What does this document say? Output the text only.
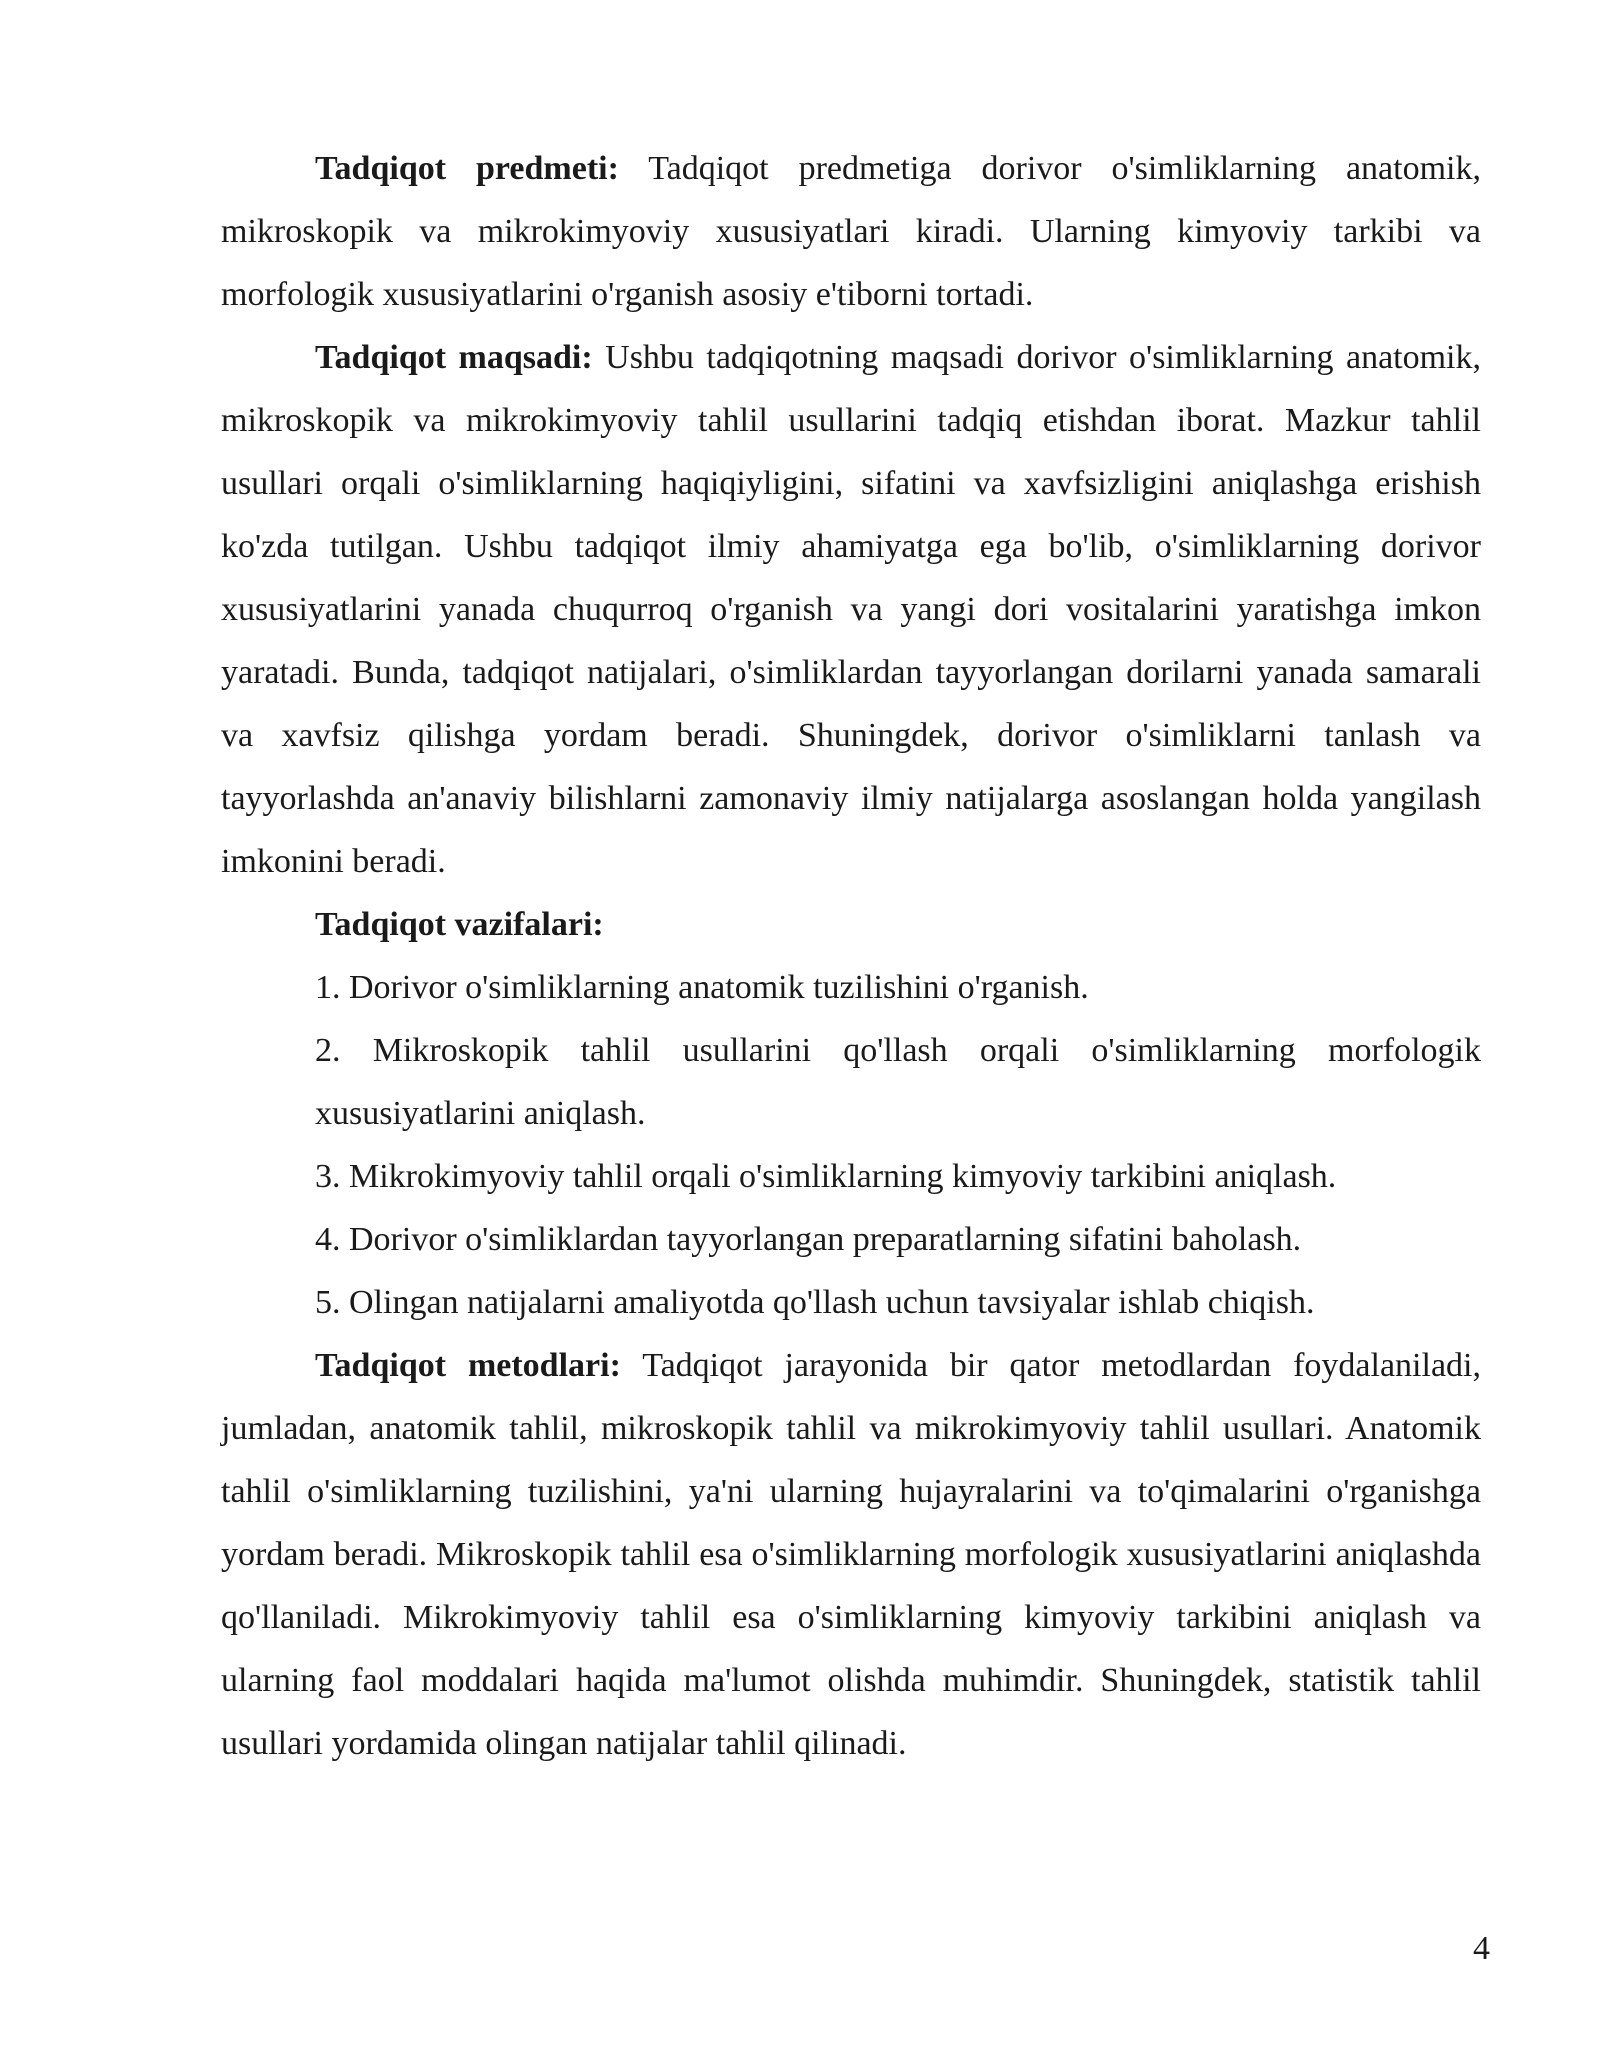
Tadqiqot predmeti: Tadqiqot predmetiga dorivor o'simliklarning anatomik, mikroskopik va mikrokimyoviy xususiyatlari kiradi. Ularning kimyoviy tarkibi va morfologik xususiyatlarini o'rganish asosiy e'tiborni tortadi.

Tadqiqot maqsadi: Ushbu tadqiqotning maqsadi dorivor o'simliklarning anatomik, mikroskopik va mikrokimyoviy tahlil usullarini tadqiq etishdan iborat. Mazkur tahlil usullari orqali o'simliklarning haqiqiyligini, sifatini va xavfsizligini aniqlashga erishish ko'zda tutilgan. Ushbu tadqiqot ilmiy ahamiyatga ega bo'lib, o'simliklarning dorivor xususiyatlarini yanada chuqurroq o'rganish va yangi dori vositalarini yaratishga imkon yaratadi. Bunda, tadqiqot natijalari, o'simliklardan tayyorlangan dorilarni yanada samarali va xavfsiz qilishga yordam beradi. Shuningdek, dorivor o'simliklarni tanlash va tayyorlashda an'anaviy bilishlarni zamonaviy ilmiy natijalarga asoslangan holda yangilash imkonini beradi.

Tadqiqot vazifalari:

1. Dorivor o'simliklarning anatomik tuzilishini o'rganish.

2. Mikroskopik tahlil usullarini qo'llash orqali o'simliklarning morfologik xususiyatlarini aniqlash.

3. Mikrokimyoviy tahlil orqali o'simliklarning kimyoviy tarkibini aniqlash.

4. Dorivor o'simliklardan tayyorlangan preparatlarning sifatini baholash.

5. Olingan natijalarni amaliyotda qo'llash uchun tavsiyalar ishlab chiqish.

Tadqiqot metodlari: Tadqiqot jarayonida bir qator metodlardan foydalaniladi, jumladan, anatomik tahlil, mikroskopik tahlil va mikrokimyoviy tahlil usullari. Anatomik tahlil o'simliklarning tuzilishini, ya'ni ularning hujayralarini va to'qimalarini o'rganishga yordam beradi. Mikroskopik tahlil esa o'simliklarning morfologik xususiyatlarini aniqlashda qo'llaniladi. Mikrokimyoviy tahlil esa o'simliklarning kimyoviy tarkibini aniqlash va ularning faol moddalari haqida ma'lumot olishda muhimdir. Shuningdek, statistik tahlil usullari yordamida olingan natijalar tahlil qilinadi.

4
